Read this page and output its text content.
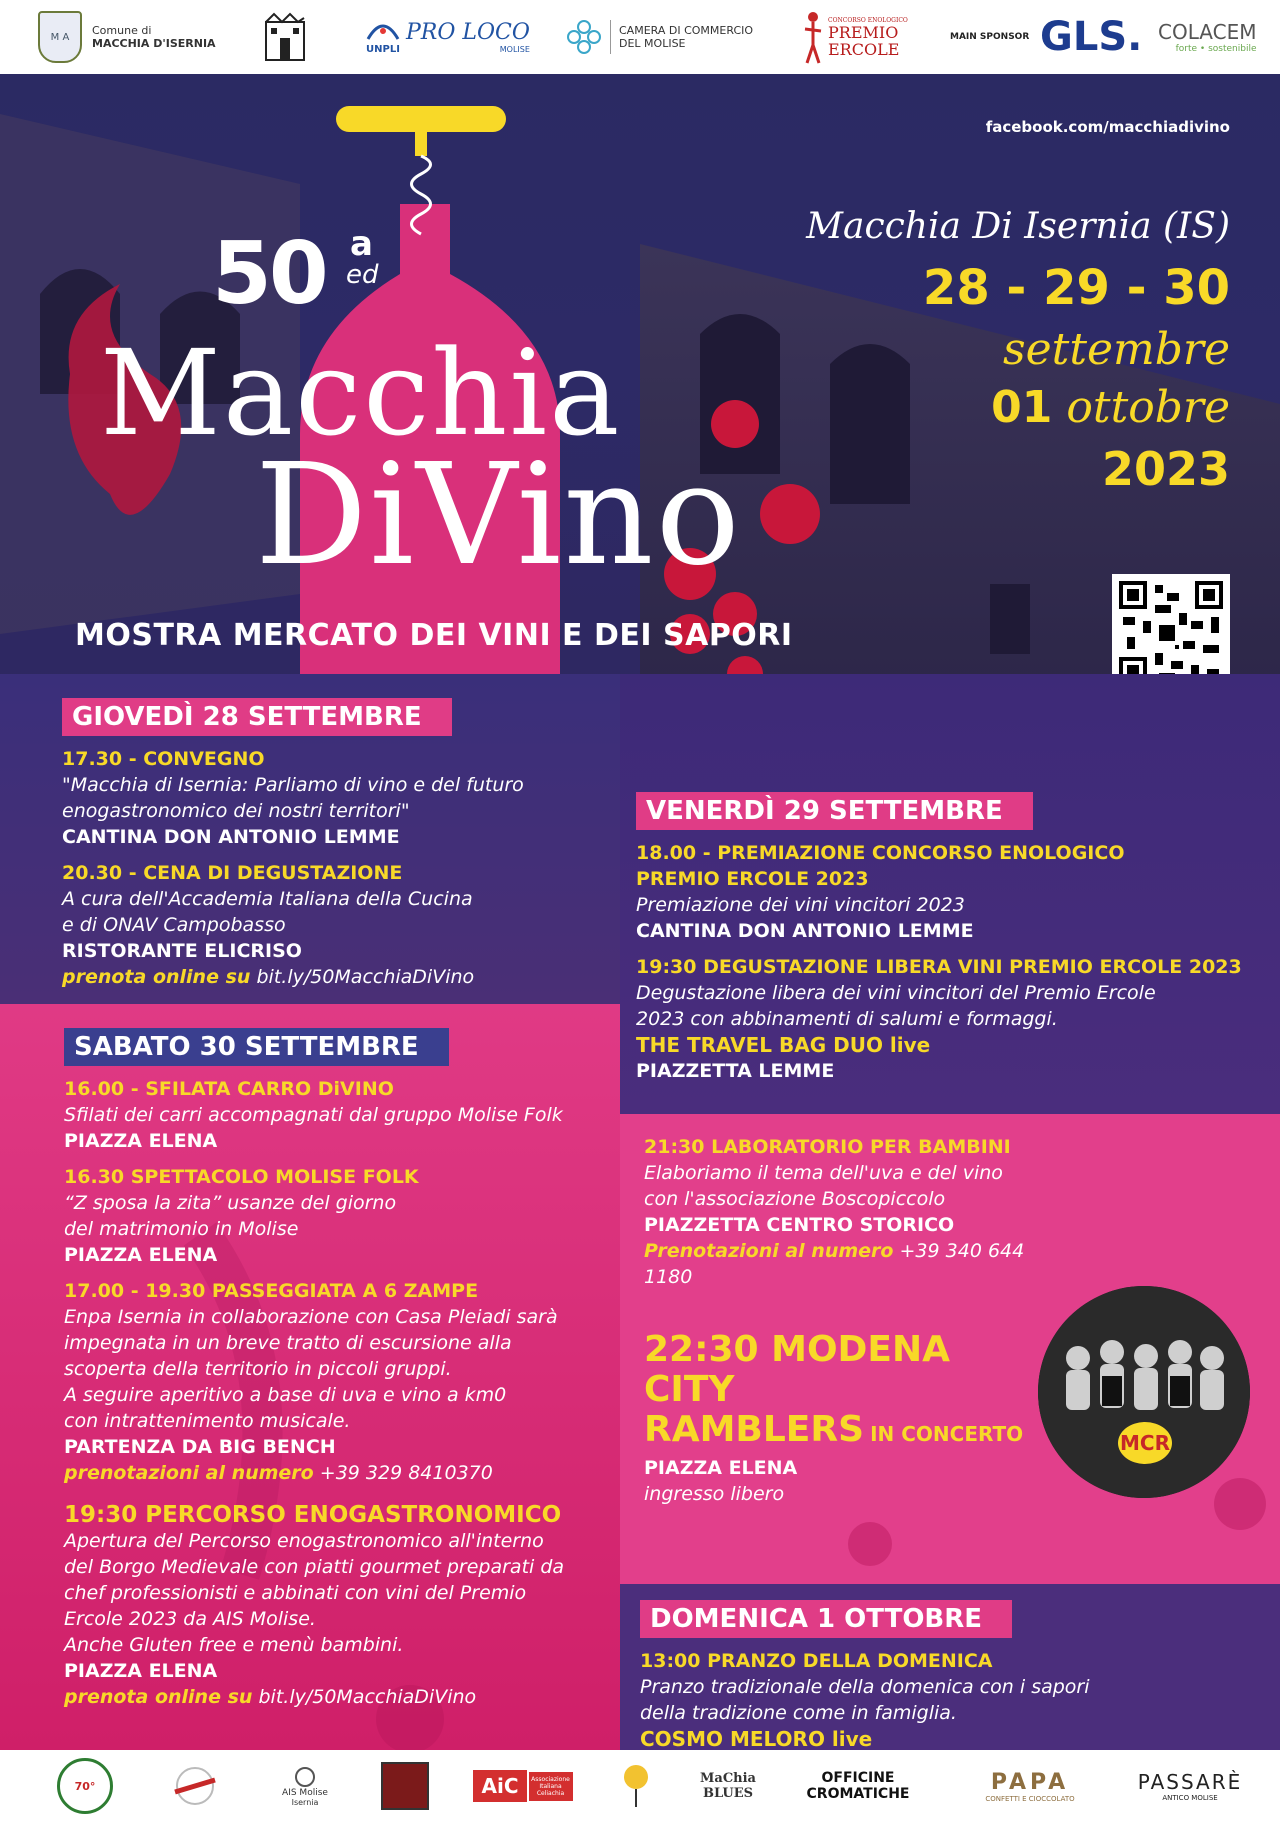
M A	Comune di
MACCHIA D'ISERNIA	UNPLI
PRO LOCO
MOLISE
CAMERA DI COMMERCIO
DEL MOLISE
CONCORSO ENOLOGICO
PREMIO
ERCOLE
MAIN SPONSOR GLS. COLACEM
forte • sostenibile
facebook.com/macchiadivino
Macchia Di Isernia (IS)
28 - 29 - 30
settembre
01 ottobre
2023
50 a
ed
Macchia
DiVino
MOSTRA MERCATO DEI VINI E DEI SAPORI
GIOVEDÌ 28 SETTEMBRE
17.30 - CONVEGNO
"Macchia di Isernia: Parliamo di vino e del futuro
enogastronomico dei nostri territori"
CANTINA DON ANTONIO LEMME
20.30 - CENA DI DEGUSTAZIONE
A cura dell'Accademia Italiana della Cucina
e di ONAV Campobasso
RISTORANTE ELICRISO
prenota online su bit.ly/50MacchiaDiVino
VENERDÌ 29 SETTEMBRE
18.00 - PREMIAZIONE CONCORSO ENOLOGICO
PREMIO ERCOLE 2023
Premiazione dei vini vincitori 2023
CANTINA DON ANTONIO LEMME
19:30 DEGUSTAZIONE LIBERA VINI PREMIO ERCOLE 2023
Degustazione libera dei vini vincitori del Premio Ercole
2023 con abbinamenti di salumi e formaggi.
THE TRAVEL BAG DUO live
PIAZZETTA LEMME
SABATO 30 SETTEMBRE
16.00 - SFILATA CARRO DiVINO
Sfilati dei carri accompagnati dal gruppo Molise Folk
PIAZZA ELENA
16.30 SPETTACOLO MOLISE FOLK
“Z sposa la zita” usanze del giorno
del matrimonio in Molise
PIAZZA ELENA
17.00 - 19.30 PASSEGGIATA A 6 ZAMPE
Enpa Isernia in collaborazione con Casa Pleiadi sarà
impegnata in un breve tratto di escursione alla
scoperta della territorio in piccoli gruppi.
A seguire aperitivo a base di uva e vino a km0
con intrattenimento musicale.
PARTENZA DA BIG BENCH
prenotazioni al numero +39 329 8410370
19:30 PERCORSO ENOGASTRONOMICO
Apertura del Percorso enogastronomico all'interno
del Borgo Medievale con piatti gourmet preparati da
chef professionisti e abbinati con vini del Premio
Ercole 2023 da AIS Molise.
Anche Gluten free e menù bambini.
PIAZZA ELENA
prenota online su bit.ly/50MacchiaDiVino
21:30 LABORATORIO PER BAMBINI
Elaboriamo il tema dell'uva e del vino
con l'associazione Boscopiccolo
PIAZZETTA CENTRO STORICO
Prenotazioni al numero +39 340 644 1180
22:30 MODENA CITY
RAMBLERS IN CONCERTO
PIAZZA ELENA
ingresso libero
MCR
DOMENICA 1 OTTOBRE
13:00 PRANZO DELLA DOMENICA
Pranzo tradizionale della domenica con i sapori
della tradizione come in famiglia.
COSMO MELORO live
70°	AIS Molise
Isernia
AiC	Associazione Italiana Celiachia
MaChia
BLUES
OFFICINE
CROMATICHE	PAPA
CONFETTI E CIOCCOLATO
PASSARÈ
ANTICO MOLISE
